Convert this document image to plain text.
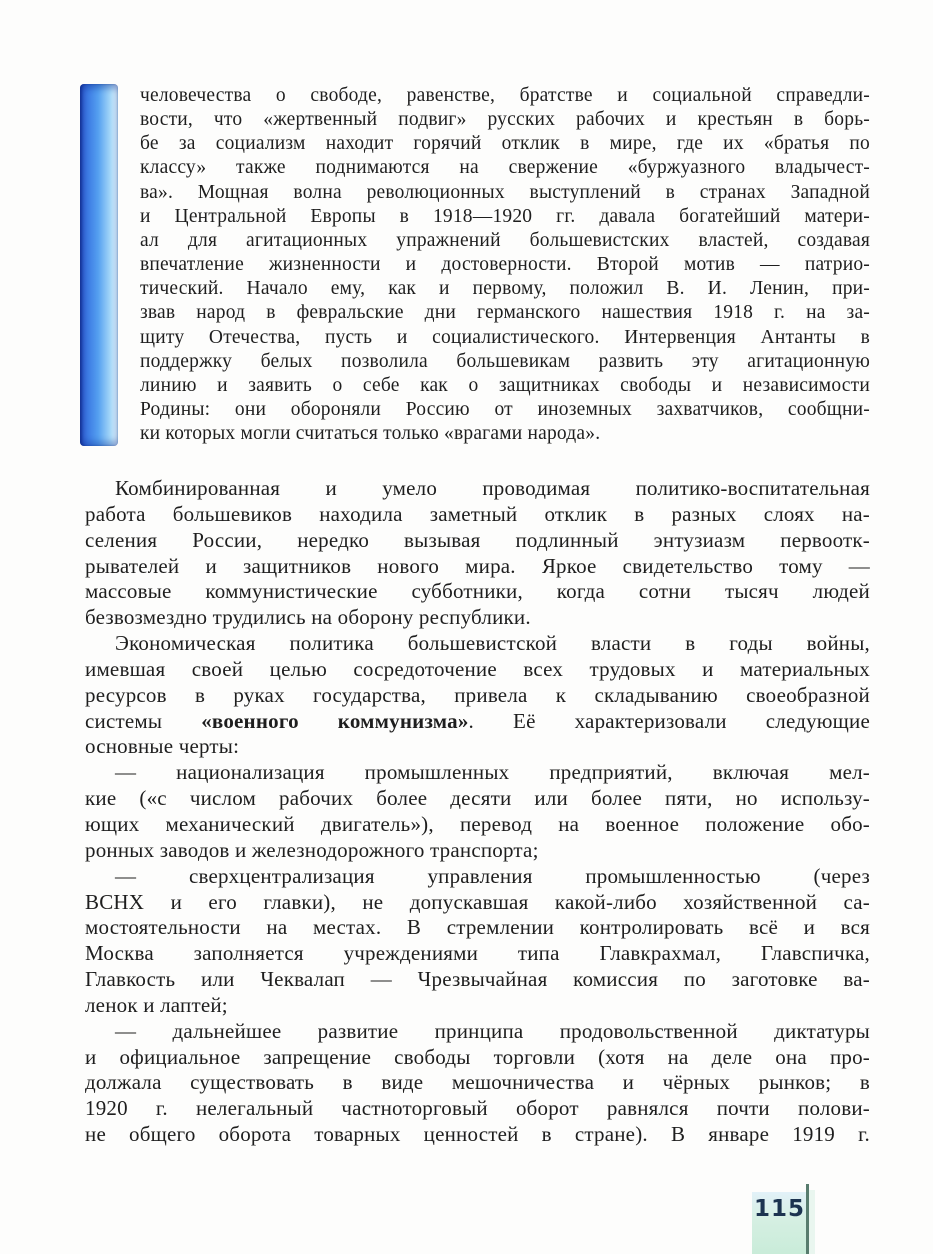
человечества о свободе, равенстве, братстве и социальной справедли-
вости, что «жертвенный подвиг» русских рабочих и крестьян в борь-
бе за социализм находит горячий отклик в мире, где их «братья по
классу» также поднимаются на свержение «буржуазного владычест-
ва». Мощная волна революционных выступлений в странах Западной
и Центральной Европы в 1918—1920 гг. давала богатейший матери-
ал для агитационных упражнений большевистских властей, создавая
впечатление жизненности и достоверности. Второй мотив — патрио-
тический. Начало ему, как и первому, положил В. И. Ленин, при-
звав народ в февральские дни германского нашествия 1918 г. на за-
щиту Отечества, пусть и социалистического. Интервенция Антанты в
поддержку белых позволила большевикам развить эту агитационную
линию и заявить о себе как о защитниках свободы и независимости
Родины: они обороняли Россию от иноземных захватчиков, сообщни-
ки которых могли считаться только «врагами народа».
Комбинированная и умело проводимая политико-воспитательная
работа большевиков находила заметный отклик в разных слоях на-
селения России, нередко вызывая подлинный энтузиазм первоотк-
рывателей и защитников нового мира. Яркое свидетельство тому —
массовые коммунистические субботники, когда сотни тысяч людей
безвозмездно трудились на оборону республики.
Экономическая политика большевистской власти в годы войны,
имевшая своей целью сосредоточение всех трудовых и материальных
ресурсов в руках государства, привела к складыванию своеобразной
системы «военного коммунизма». Её характеризовали следующие
основные черты:
— национализация промышленных предприятий, включая мел-
кие («с числом рабочих более десяти или более пяти, но использу-
ющих механический двигатель»), перевод на военное положение обо-
ронных заводов и железнодорожного транспорта;
— сверхцентрализация управления промышленностью (через
ВСНХ и его главки), не допускавшая какой-либо хозяйственной са-
мостоятельности на местах. В стремлении контролировать всё и вся
Москва заполняется учреждениями типа Главкрахмал, Главспичка,
Главкость или Чеквалап — Чрезвычайная комиссия по заготовке ва-
ленок и лаптей;
— дальнейшее развитие принципа продовольственной диктатуры
и официальное запрещение свободы торговли (хотя на деле она про-
должала существовать в виде мешочничества и чёрных рынков; в
1920 г. нелегальный частноторговый оборот равнялся почти полови-
не общего оборота товарных ценностей в стране). В январе 1919 г.
115
